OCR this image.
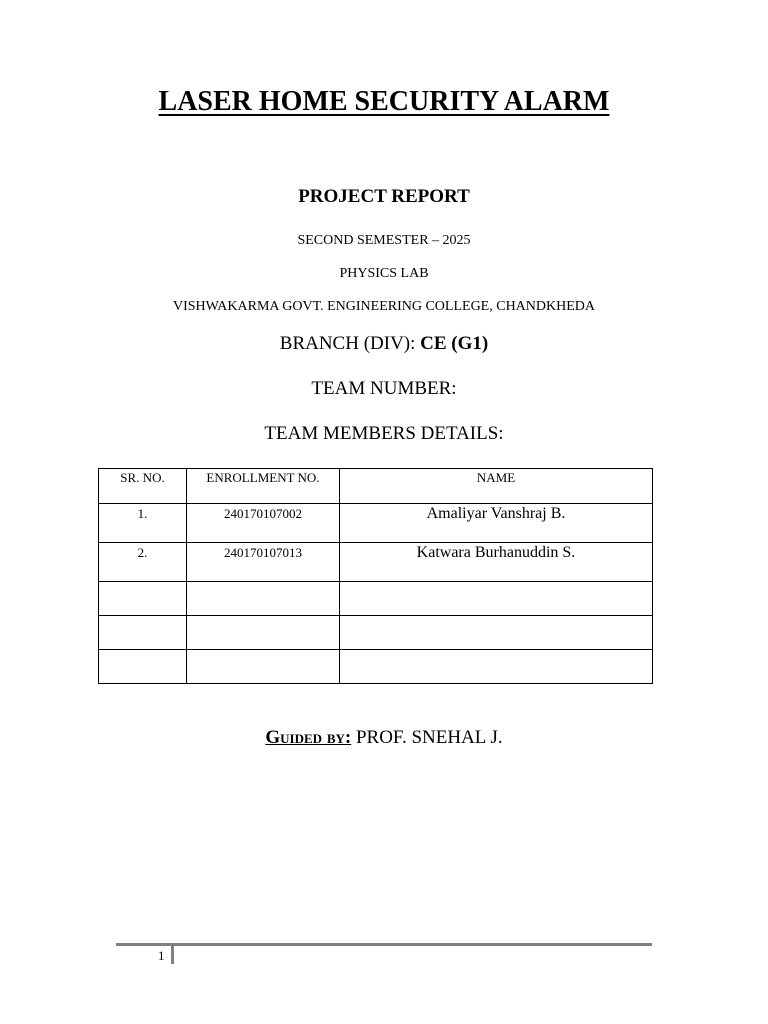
LASER HOME SECURITY ALARM
PROJECT REPORT
SECOND SEMESTER – 2025
PHYSICS LAB
VISHWAKARMA GOVT. ENGINEERING COLLEGE, CHANDKHEDA
BRANCH (DIV): CE (G1)
TEAM NUMBER:
TEAM MEMBERS DETAILS:
SR. NO.	ENROLLMENT NO.	NAME
1.	240170107002	Amaliyar Vanshraj B.
2.	240170107013	Katwara Burhanuddin S.

Guided by: PROF. SNEHAL J.
1
